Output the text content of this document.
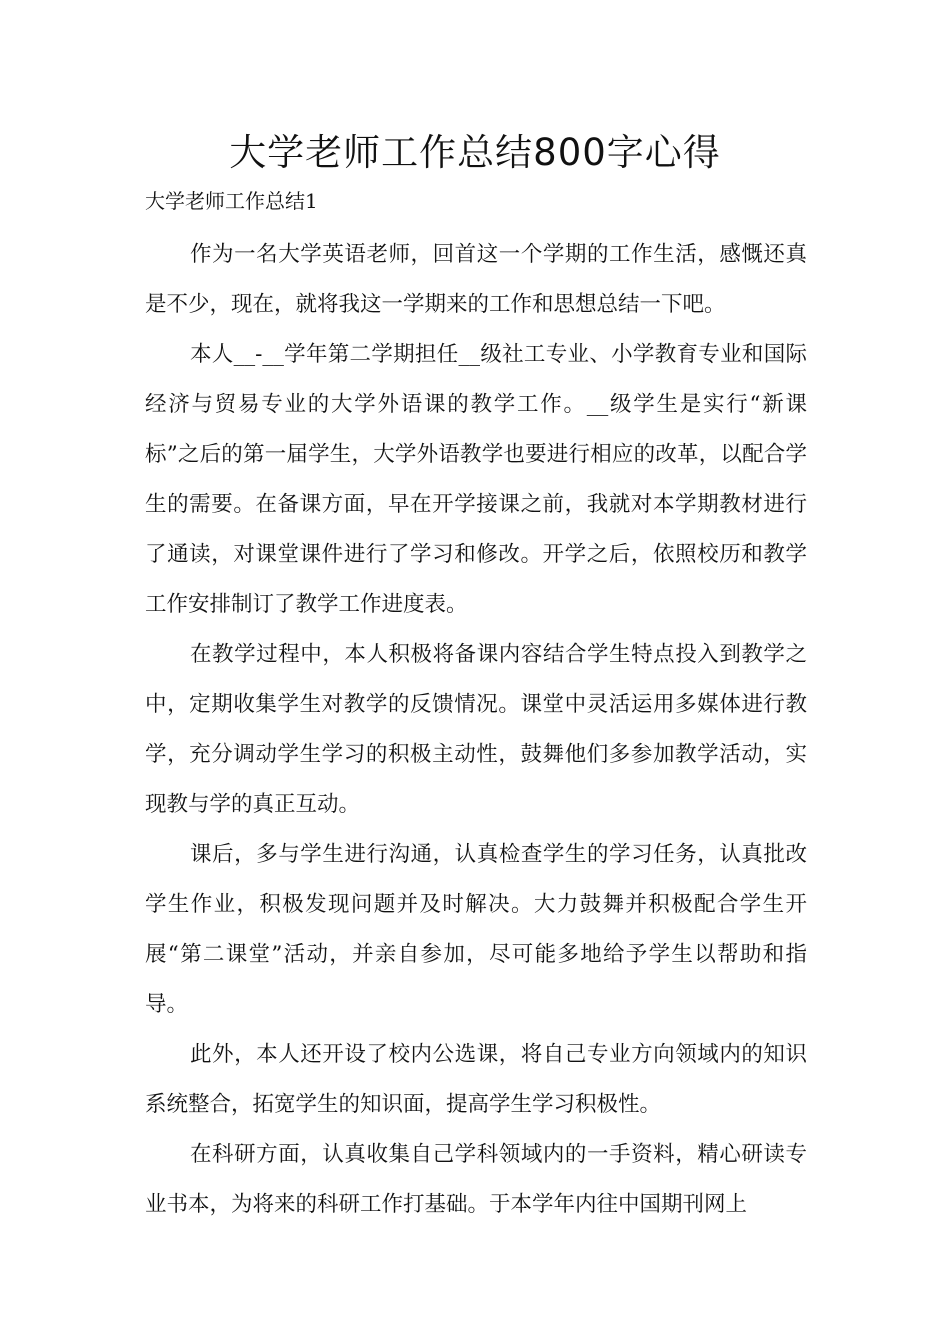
大学老师工作总结800字心得
大学老师工作总结1

作为一名大学英语老师，回首这一个学期的工作生活，感慨还真是不少，现在，就将我这一学期来的工作和思想总结一下吧。

本人__-__学年第二学期担任__级社工专业、小学教育专业和国际经济与贸易专业的大学外语课的教学工作。__级学生是实行“新课标”之后的第一届学生，大学外语教学也要进行相应的改革，以配合学生的需要。在备课方面，早在开学接课之前，我就对本学期教材进行了通读，对课堂课件进行了学习和修改。开学之后，依照校历和教学工作安排制订了教学工作进度表。

在教学过程中，本人积极将备课内容结合学生特点投入到教学之中，定期收集学生对教学的反馈情况。课堂中灵活运用多媒体进行教学，充分调动学生学习的积极主动性，鼓舞他们多参加教学活动，实现教与学的真正互动。

课后，多与学生进行沟通，认真检查学生的学习任务，认真批改学生作业，积极发现问题并及时解决。大力鼓舞并积极配合学生开展“第二课堂”活动，并亲自参加，尽可能多地给予学生以帮助和指导。

此外，本人还开设了校内公选课，将自己专业方向领域内的知识系统整合，拓宽学生的知识面，提高学生学习积极性。

在科研方面，认真收集自己学科领域内的一手资料，精心研读专业书本，为将来的科研工作打基础。于本学年内往中国期刊网上
